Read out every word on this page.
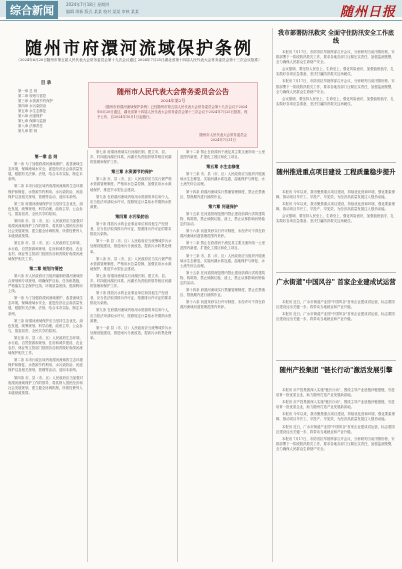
综合新闻	2024年7月18日 星期四
编辑 周新 版式 某某 校对 某某 审核 某某	随州日报
随州市府澴河流域保护条例
（2024年6月20日随州市第五届人民代表大会常务委员会第十九次会议通过 2024年7月25日湖北省第十四届人民代表大会常务委员会第十三次会议批准）
目 录
第一章 总 则
第二章 规划与管控
第三章 水资源节约保护
第四章 水污染防治
第五章 水生态修复
第六章 河道保护
第七章 保障与监督
第八章 法律责任
第九章 附 则
随州市人民代表大会常务委员会公告
2024年第2号
《随州市府澴河流域保护条例》已经随州市第五届人民代表大会常务委员会第十九次会议于2024年6月20日通过，湖北省第十四届人民代表大会常务委员会第十三次会议于2024年7月25日批准，现予公布，自2024年10月1日起施行。
随州市人民代表大会常务委员会
2024年7月31日
第一章 总 则

第一条 为了加强府澴河流域保护，改善流域生态环境，保障流域水安全，促进经济社会高质量发展，根据有关法律、法规，结合本市实际，制定本条例。

第二条 本市行政区域内府澴河流域的生态环境保护和修复、水资源节约利用、水污染防治、河道保护以及相关规划、管理等活动，适用本条例。

第三条 府澴河流域保护应当坚持生态优先、绿色发展，统筹规划、科学治理，政府主导、公众参与，损害担责、全民共享的原则。

第四条 市、县（市、区）人民政府应当加强对府澴河流域保护工作的领导，将其纳入国民经济和社会发展规划，建立健全协调机制，所需经费列入本级财政预算。

第五条 市、县（市、区）人民政府生态环境、水行政、自然资源和规划、住房和城乡建设、农业农村、林业等主管部门按照各自职责做好府澴河流域保护相关工作。

第二章 规划与管控

第六条 市人民政府应当组织编制府澴河流域综合规划和专项规划，明确保护目标、任务和措施，严格落实生态保护红线、环境质量底线、资源利用上线。

第一条 为了加强府澴河流域保护，改善流域生态环境，保障流域水安全，促进经济社会高质量发展，根据有关法律、法规，结合本市实际，制定本条例。

第三条 府澴河流域保护应当坚持生态优先、绿色发展，统筹规划、科学治理，政府主导、公众参与，损害担责、全民共享的原则。

第五条 市、县（市、区）人民政府生态环境、水行政、自然资源和规划、住房和城乡建设、农业农村、林业等主管部门按照各自职责做好府澴河流域保护相关工作。

第二条 本市行政区域内府澴河流域的生态环境保护和修复、水资源节约利用、水污染防治、河道保护以及相关规划、管理等活动，适用本条例。

第四条 市、县（市、区）人民政府应当加强对府澴河流域保护工作的领导，将其纳入国民经济和社会发展规划，建立健全协调机制，所需经费列入本级财政预算。

第七条 府澴河流域实行河湖长制，建立市、县、乡、村四级河湖长体系，河湖长负责组织领导相应河湖的管理和保护工作。

第三章 水资源节约保护

第八条 市、县（市、区）人民政府应当实行最严格水资源管理制度，严格用水总量控制，加强饮用水水源地保护，推进节水型社会建设。

第九条 在府澴河流域内取用水资源的单位和个人，应当依法申请取水许可，按照规定计量取水并缴纳水资源费。

第四章 水污染防治

第十条 排放污水的企业事业单位和其他生产经营者，应当依法取得排污许可证，按照排污许可证的要求排放污染物。

第十一条 县（市、区）人民政府应当统筹城乡污水处理设施建设，推进雨污分流改造，提高污水收集处理率。

第八条 市、县（市、区）人民政府应当实行最严格水资源管理制度，严格用水总量控制，加强饮用水水源地保护，推进节水型社会建设。

第七条 府澴河流域实行河湖长制，建立市、县、乡、村四级河湖长体系，河湖长负责组织领导相应河湖的管理和保护工作。

第十条 排放污水的企业事业单位和其他生产经营者，应当依法取得排污许可证，按照排污许可证的要求排放污染物。

第九条 在府澴河流域内取用水资源的单位和个人，应当依法申请取水许可，按照规定计量取水并缴纳水资源费。

第十一条 县（市、区）人民政府应当统筹城乡污水处理设施建设，推进雨污分流改造，提高污水收集处理率。

第十二条 禁止在府澴河干流及其主要支流岸线一公里范围内新建、扩建化工园区和化工项目。

第五章 水生态修复

第十三条 市、县（市、区）人民政府应当组织开展流域水生态修复，实施河湖水系连通、湿地保护与修复、水土流失综合治理。

第十四条 府澴河流域实行禁捕管理制度，禁止在禁渔区、禁渔期内进行捕捞作业。

第六章 河道保护

第十五条 在河道管理范围内禁止建设妨碍行洪的建筑物、构筑物，禁止倾倒垃圾、渣土，禁止从事影响河势稳定的活动。

第十六条 河道采砂实行许可制度，未经许可不得在府澴河流域河道管理范围内采砂。

第十二条 禁止在府澴河干流及其主要支流岸线一公里范围内新建、扩建化工园区和化工项目。

第十三条 市、县（市、区）人民政府应当组织开展流域水生态修复，实施河湖水系连通、湿地保护与修复、水土流失综合治理。

第十五条 在河道管理范围内禁止建设妨碍行洪的建筑物、构筑物，禁止倾倒垃圾、渣土，禁止从事影响河势稳定的活动。

第十四条 府澴河流域实行禁捕管理制度，禁止在禁渔区、禁渔期内进行捕捞作业。

第十六条 河道采砂实行许可制度，未经许可不得在府澴河流域河道管理范围内采砂。

我市部署防汛救灾 全面守住防汛安全工作底线

本报讯 7月17日，市防汛抗旱指挥部召开会议，分析研判当前汛情形势，安排部署下一阶段防汛救灾工作，要求各地各部门压紧压实责任，加强监测预警，全力确保人民群众生命财产安全。

会议强调，要坚持人民至上、生命至上，强化风险意识，加强值班值守，扎实做好各项应急准备，坚决打赢防汛救灾这场硬仗。

本报讯 7月17日，市防汛抗旱指挥部召开会议，分析研判当前汛情形势，安排部署下一阶段防汛救灾工作，要求各地各部门压紧压实责任，加强监测预警，全力确保人民群众生命财产安全。

会议强调，要坚持人民至上、生命至上，强化风险意识，加强值班值守，扎实做好各项应急准备，坚决打赢防汛救灾这场硬仗。

随州推进重点项目建设 工程质量稳步提升

本报讯 今年以来，我市聚焦重点项目建设，持续优化营商环境，强化要素保障，推动项目早开工、早投产、早见效，为经济高质量发展注入强劲动能。

本报讯 今年以来，我市聚焦重点项目建设，持续优化营商环境，强化要素保障，推动项目早开工、早投产、早见效，为经济高质量发展注入强劲动能。

会议强调，要坚持人民至上、生命至上，强化风险意识，加强值班值守，扎实做好各项应急准备，坚决打赢防汛救灾这场硬仗。

广水街道"中国风谷" 首家企业建成试运营

本报讯 近日，广水市街道产业园"中国风谷"首家企业建成试运营，标志着园区建设迈出关键一步，将带动当地就业和产业升级。

本报讯 近日，广水市街道产业园"中国风谷"首家企业建成试运营，标志着园区建设迈出关键一步，将带动当地就业和产业升级。

随州产投集团 "链长行动"激活发展引擎

本报讯 市产投集团深入实施"链长行动"，围绕主导产业延链补链强链，引进培育一批优质企业，助力随州打造产业发展新高地。

本报讯 市产投集团深入实施"链长行动"，围绕主导产业延链补链强链，引进培育一批优质企业，助力随州打造产业发展新高地。

本报讯 今年以来，我市聚焦重点项目建设，持续优化营商环境，强化要素保障，推动项目早开工、早投产、早见效，为经济高质量发展注入强劲动能。

本报讯 近日，广水市街道产业园"中国风谷"首家企业建成试运营，标志着园区建设迈出关键一步，将带动当地就业和产业升级。

本报讯 7月17日，市防汛抗旱指挥部召开会议，分析研判当前汛情形势，安排部署下一阶段防汛救灾工作，要求各地各部门压紧压实责任，加强监测预警，全力确保人民群众生命财产安全。
